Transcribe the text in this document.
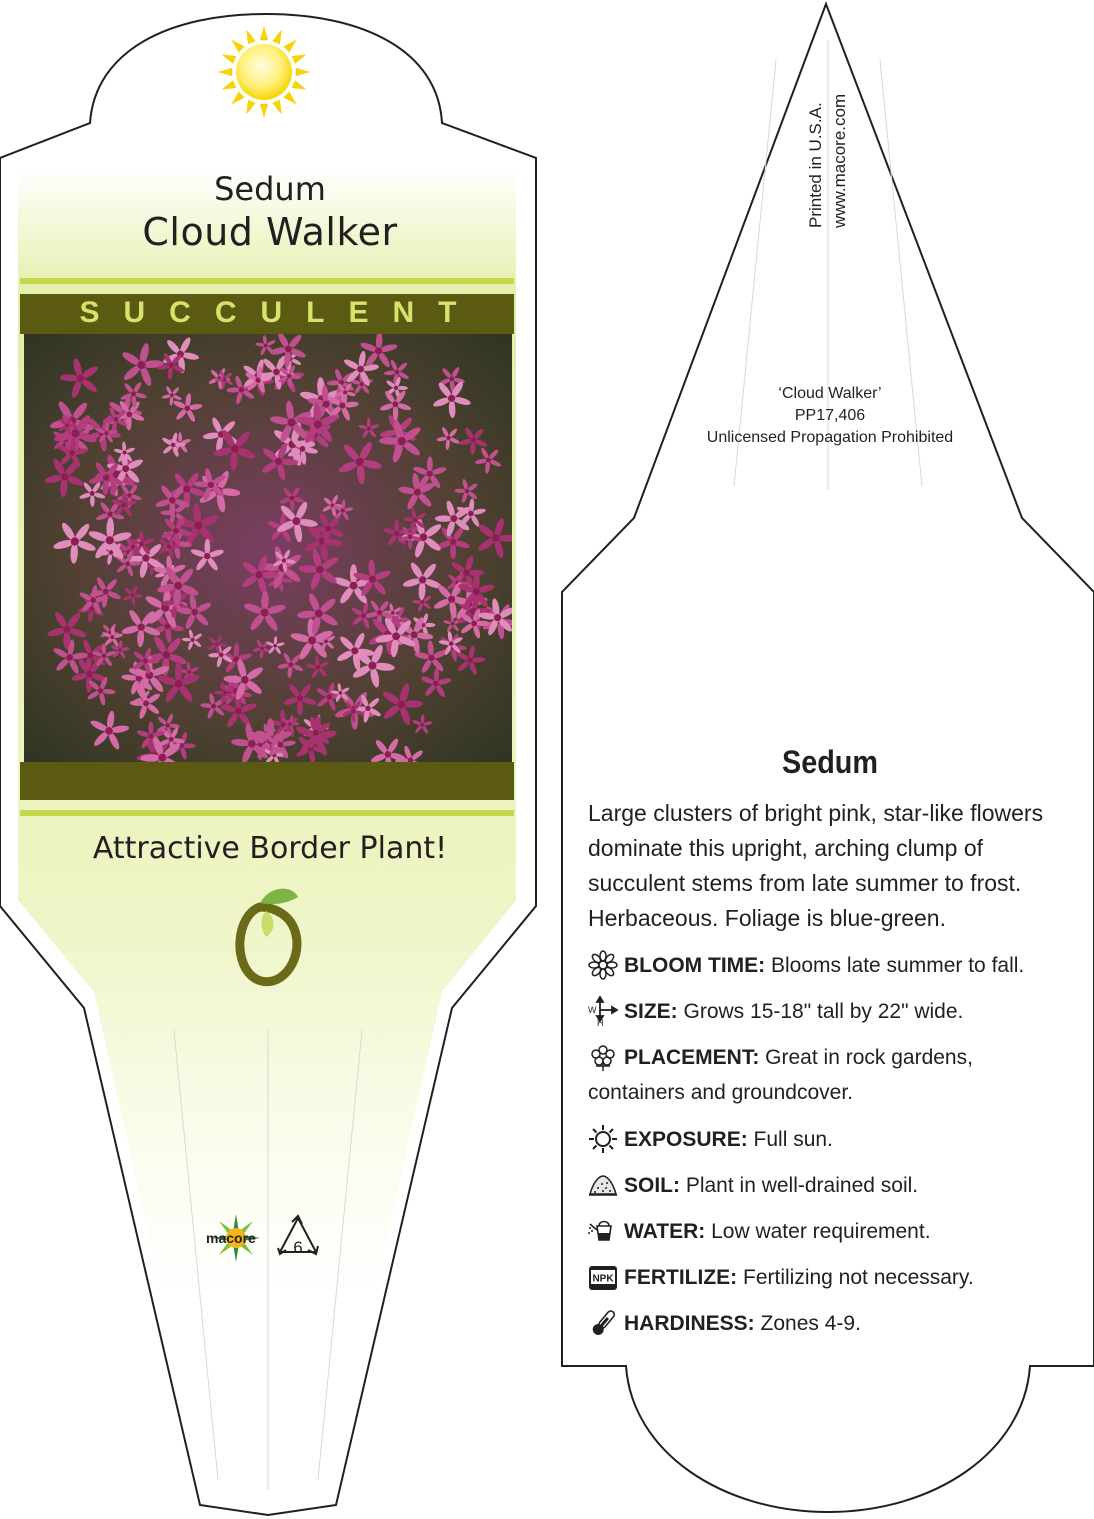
Sedum
Cloud Walker
SUCCULENT
Attractive Border Plant!
macore	6
Printed in U.S.A. www.macore.com
‘Cloud Walker’
PP17,406
Unlicensed Propagation Prohibited
Sedum
Large clusters of bright pink, star-like flowers dominate this upright, arching clump of succulent stems from late summer to frost. Herbaceous. Foliage is blue-green.
BLOOM TIME: Blooms late summer to fall.
W
H SIZE: Grows 15-18" tall by 22" wide.
PLACEMENT: Great in rock gardens, containers and groundcover.
EXPOSURE: Full sun.
SOIL: Plant in well-drained soil.
WATER: Low water requirement.
NPK FERTILIZE: Fertilizing not necessary.
HARDINESS: Zones 4-9.
